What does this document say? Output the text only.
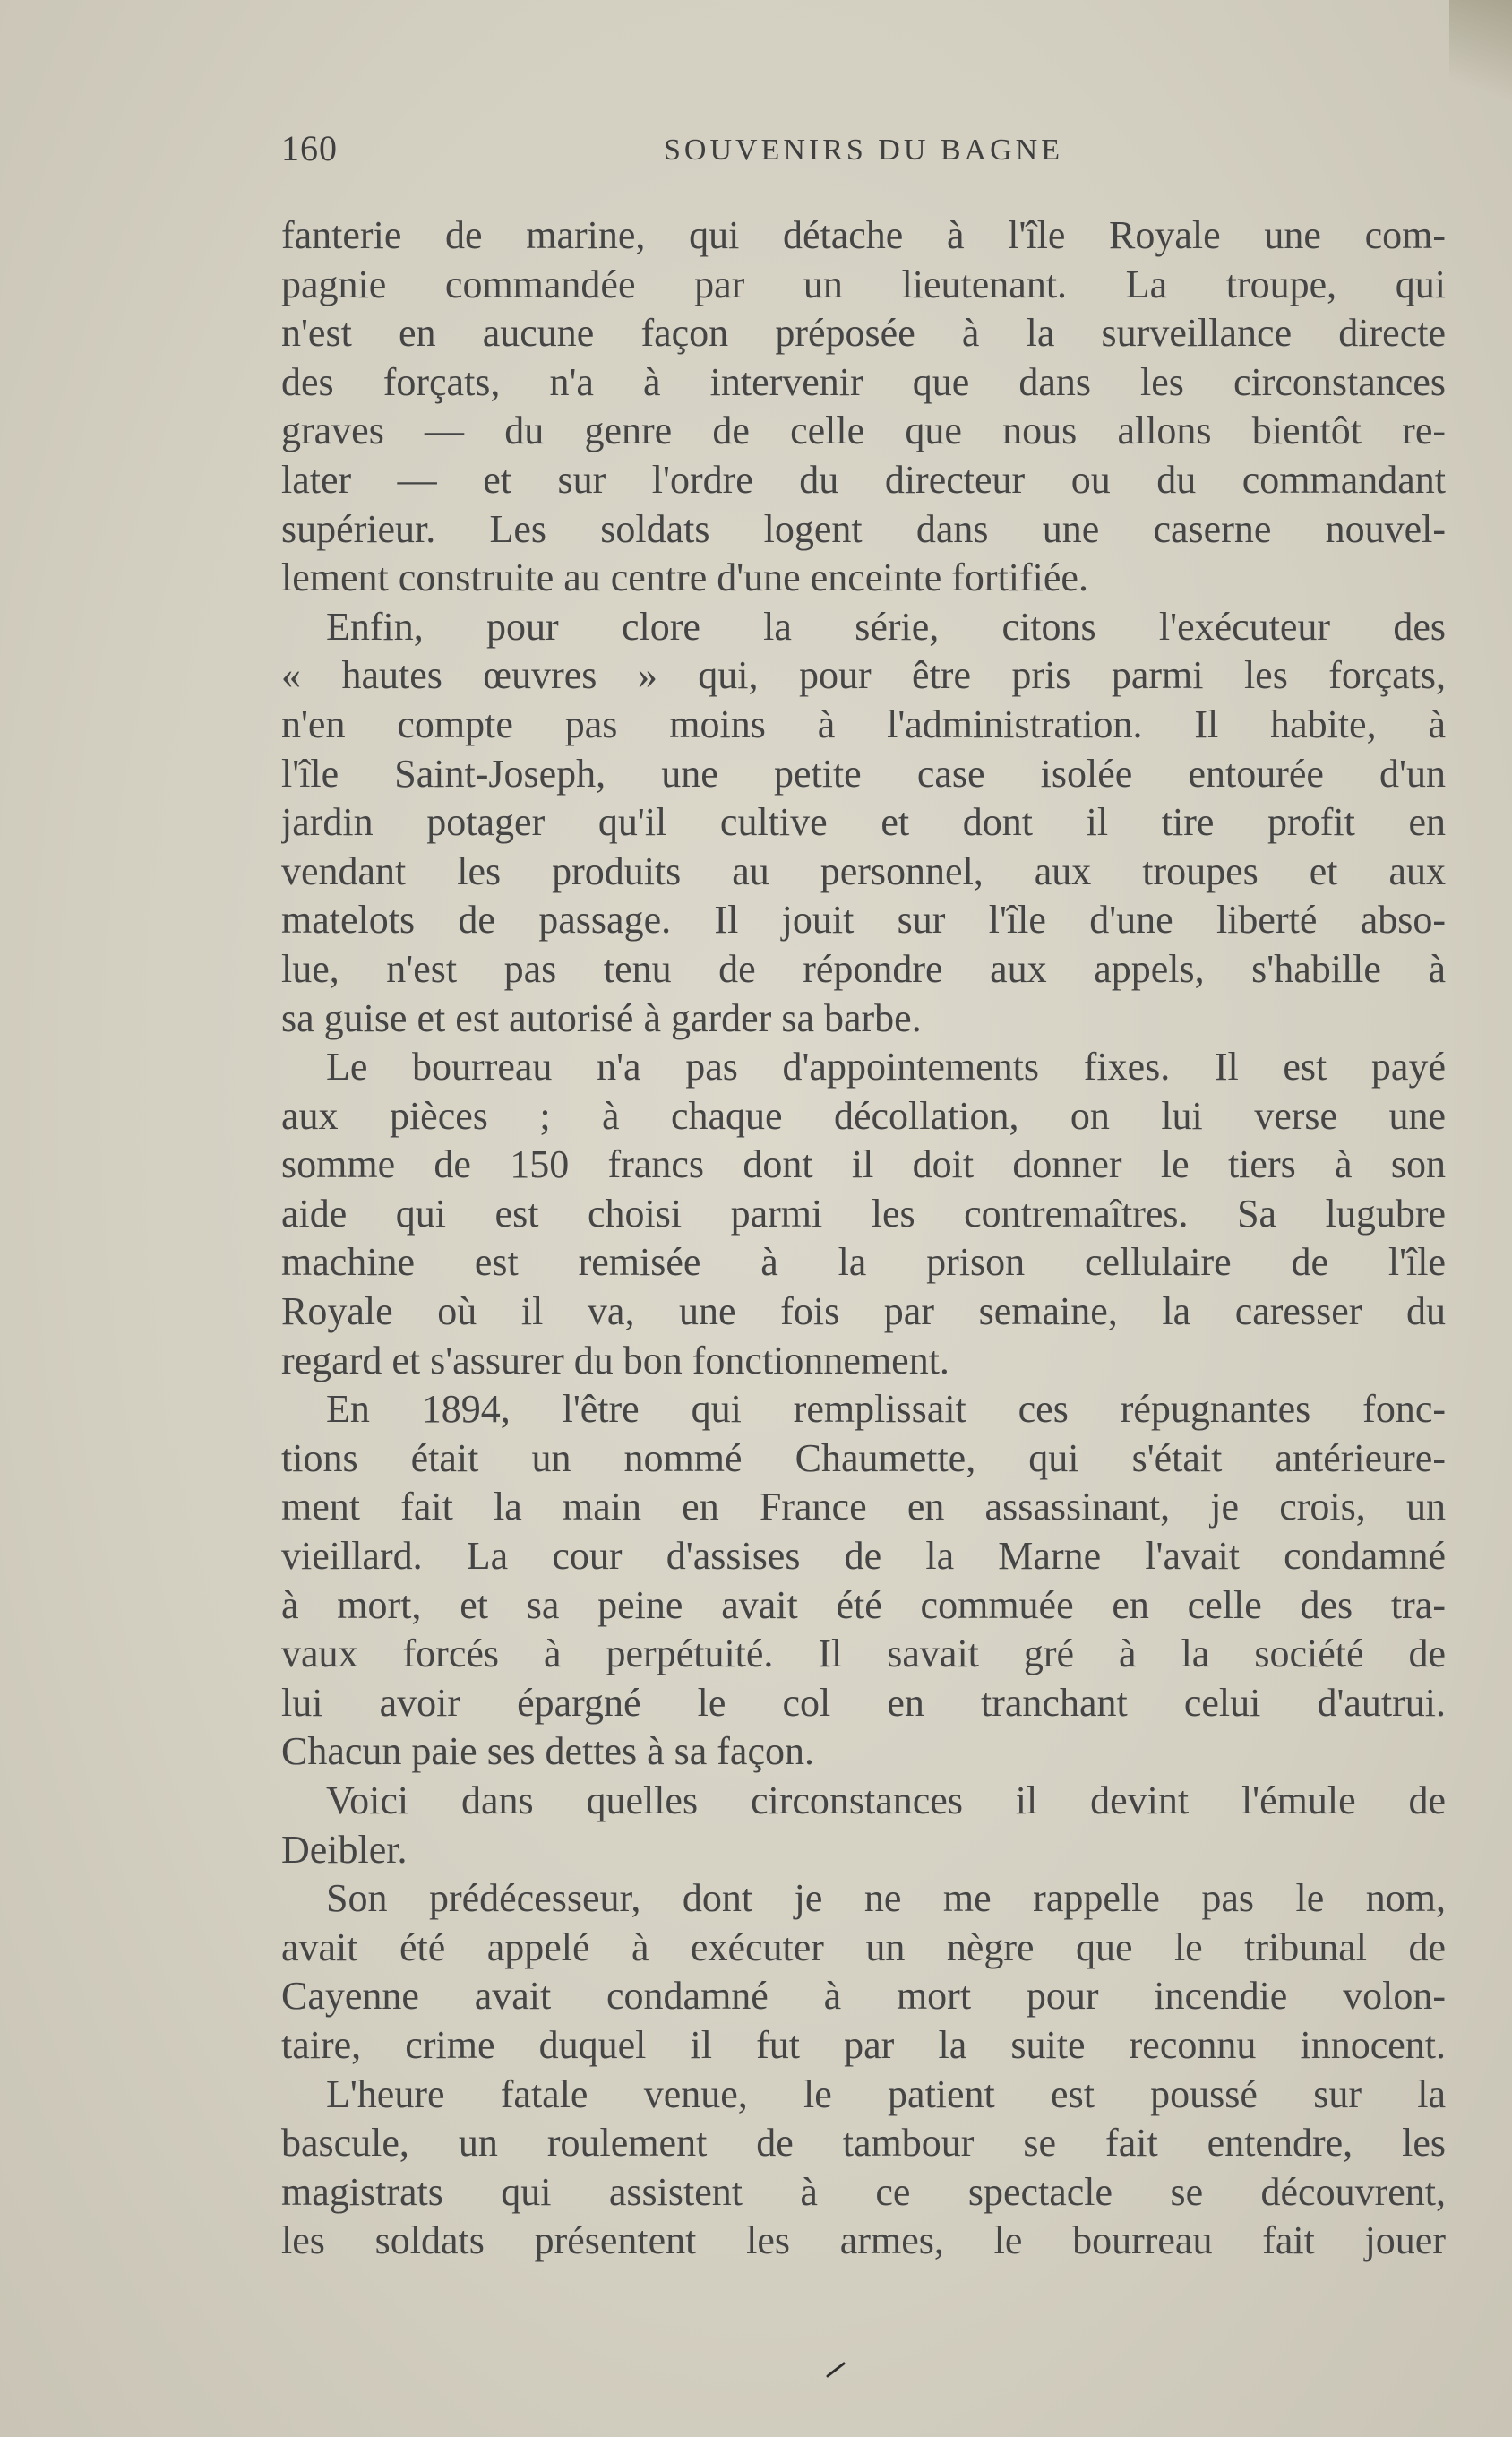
160	SOUVENIRS DU BAGNE
fanterie de marine, qui détache à l'île Royale une com-
pagnie commandée par un lieutenant. La troupe, qui
n'est en aucune façon préposée à la surveillance directe
des forçats, n'a à intervenir que dans les circonstances
graves — du genre de celle que nous allons bientôt re-
later — et sur l'ordre du directeur ou du commandant
supérieur. Les soldats logent dans une caserne nouvel-
lement construite au centre d'une enceinte fortifiée.
Enfin, pour clore la série, citons l'exécuteur des
« hautes œuvres » qui, pour être pris parmi les forçats,
n'en compte pas moins à l'administration. Il habite, à
l'île Saint-Joseph, une petite case isolée entourée d'un
jardin potager qu'il cultive et dont il tire profit en
vendant les produits au personnel, aux troupes et aux
matelots de passage. Il jouit sur l'île d'une liberté abso-
lue, n'est pas tenu de répondre aux appels, s'habille à
sa guise et est autorisé à garder sa barbe.
Le bourreau n'a pas d'appointements fixes. Il est payé
aux pièces ; à chaque décollation, on lui verse une
somme de 150 francs dont il doit donner le tiers à son
aide qui est choisi parmi les contremaîtres. Sa lugubre
machine est remisée à la prison cellulaire de l'île
Royale où il va, une fois par semaine, la caresser du
regard et s'assurer du bon fonctionnement.
En 1894, l'être qui remplissait ces répugnantes fonc-
tions était un nommé Chaumette, qui s'était antérieure-
ment fait la main en France en assassinant, je crois, un
vieillard. La cour d'assises de la Marne l'avait condamné
à mort, et sa peine avait été commuée en celle des tra-
vaux forcés à perpétuité. Il savait gré à la société de
lui avoir épargné le col en tranchant celui d'autrui.
Chacun paie ses dettes à sa façon.
Voici dans quelles circonstances il devint l'émule de
Deibler.
Son prédécesseur, dont je ne me rappelle pas le nom,
avait été appelé à exécuter un nègre que le tribunal de
Cayenne avait condamné à mort pour incendie volon-
taire, crime duquel il fut par la suite reconnu innocent.
L'heure fatale venue, le patient est poussé sur la
bascule, un roulement de tambour se fait entendre, les
magistrats qui assistent à ce spectacle se découvrent,
les soldats présentent les armes, le bourreau fait jouer
